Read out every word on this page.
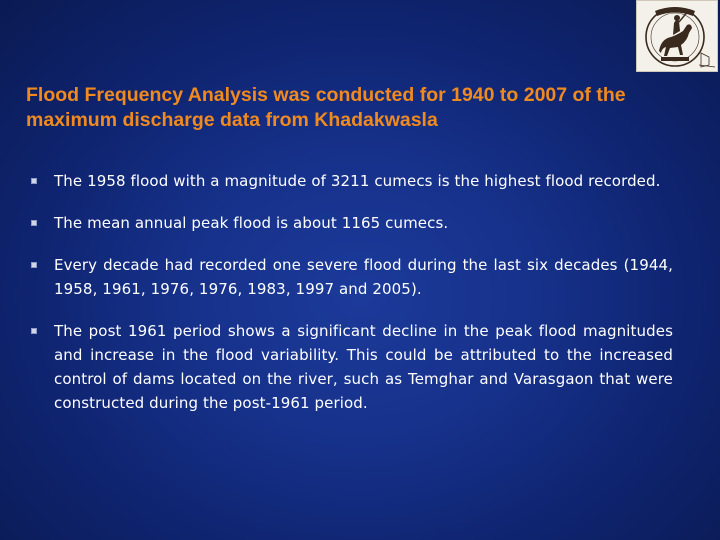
Flood Frequency Analysis was conducted for 1940 to 2007 of the maximum discharge data from Khadakwasla
The 1958 flood with a magnitude of 3211 cumecs is the highest flood recorded.
The mean annual peak flood is about 1165 cumecs.
Every decade had recorded one severe flood during the last six decades (1944, 1958, 1961, 1976, 1976, 1983, 1997 and 2005).
The post 1961 period shows a significant decline in the peak flood magnitudes and increase in the flood variability. This could be attributed to the increased control of dams located on the river, such as Temghar and Varasgaon that were constructed during the post-1961 period.
